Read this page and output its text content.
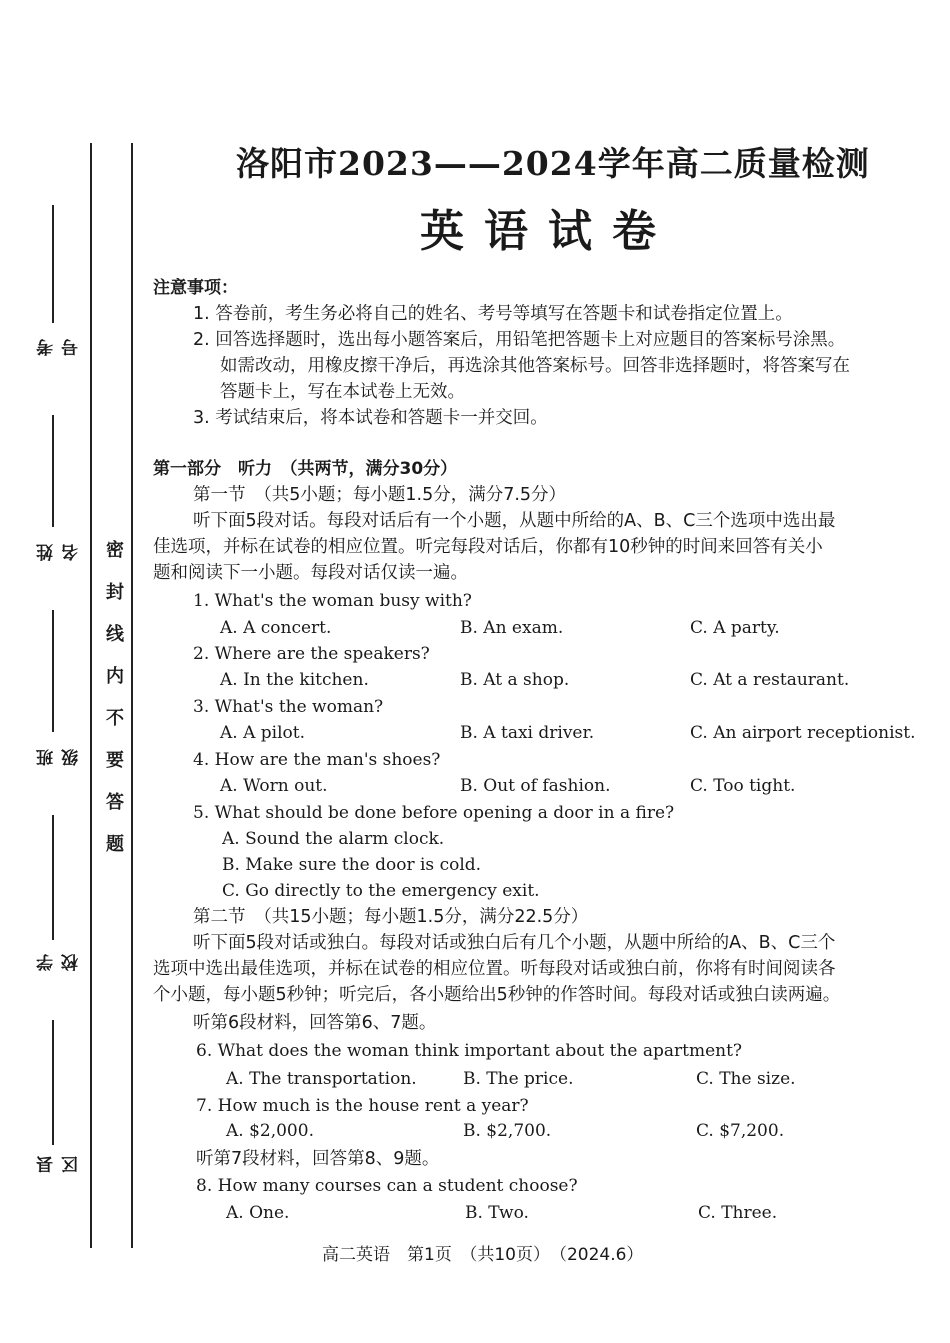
考号
姓名
班级
学校
县区
密封线内不要答题
洛阳市2023——2024学年高二质量检测
英语试卷
注意事项：
1. 答卷前，考生务必将自己的姓名、考号等填写在答题卡和试卷指定位置上。
2. 回答选择题时，选出每小题答案后，用铅笔把答题卡上对应题目的答案标号涂黑。
如需改动，用橡皮擦干净后，再选涂其他答案标号。回答非选择题时，将答案写在
答题卡上，写在本试卷上无效。
3. 考试结束后，将本试卷和答题卡一并交回。
第一部分　听力　（共两节，满分30分）
第一节　（共5小题；每小题1.5分，满分7.5分）
听下面5段对话。每段对话后有一个小题，从题中所给的A、B、C三个选项中选出最
佳选项，并标在试卷的相应位置。听完每段对话后，你都有10秒钟的时间来回答有关小
题和阅读下一小题。每段对话仅读一遍。
1. What's the woman busy with?
A. A concert.	B. An exam.	C. A party.
2. Where are the speakers?
A. In the kitchen.	B. At a shop.	C. At a restaurant.
3. What's the woman?
A. A pilot.	B. A taxi driver.	C. An airport receptionist.
4. How are the man's shoes?
A. Worn out.	B. Out of fashion.	C. Too tight.
5. What should be done before opening a door in a fire?
A. Sound the alarm clock.
B. Make sure the door is cold.
C. Go directly to the emergency exit.
第二节　（共15小题；每小题1.5分，满分22.5分）
听下面5段对话或独白。每段对话或独白后有几个小题，从题中所给的A、B、C三个
选项中选出最佳选项，并标在试卷的相应位置。听每段对话或独白前，你将有时间阅读各
个小题，每小题5秒钟；听完后，各小题给出5秒钟的作答时间。每段对话或独白读两遍。
听第6段材料，回答第6、7题。
6. What does the woman think important about the apartment?
A. The transportation.	B. The price.	C. The size.
7. How much is the house rent a year?
A. $2,000.	B. $2,700.	C. $7,200.
听第7段材料，回答第8、9题。
8. How many courses can a student choose?
A. One.	B. Two.	C. Three.
高二英语　第1页　（共10页）　（2024.6）
